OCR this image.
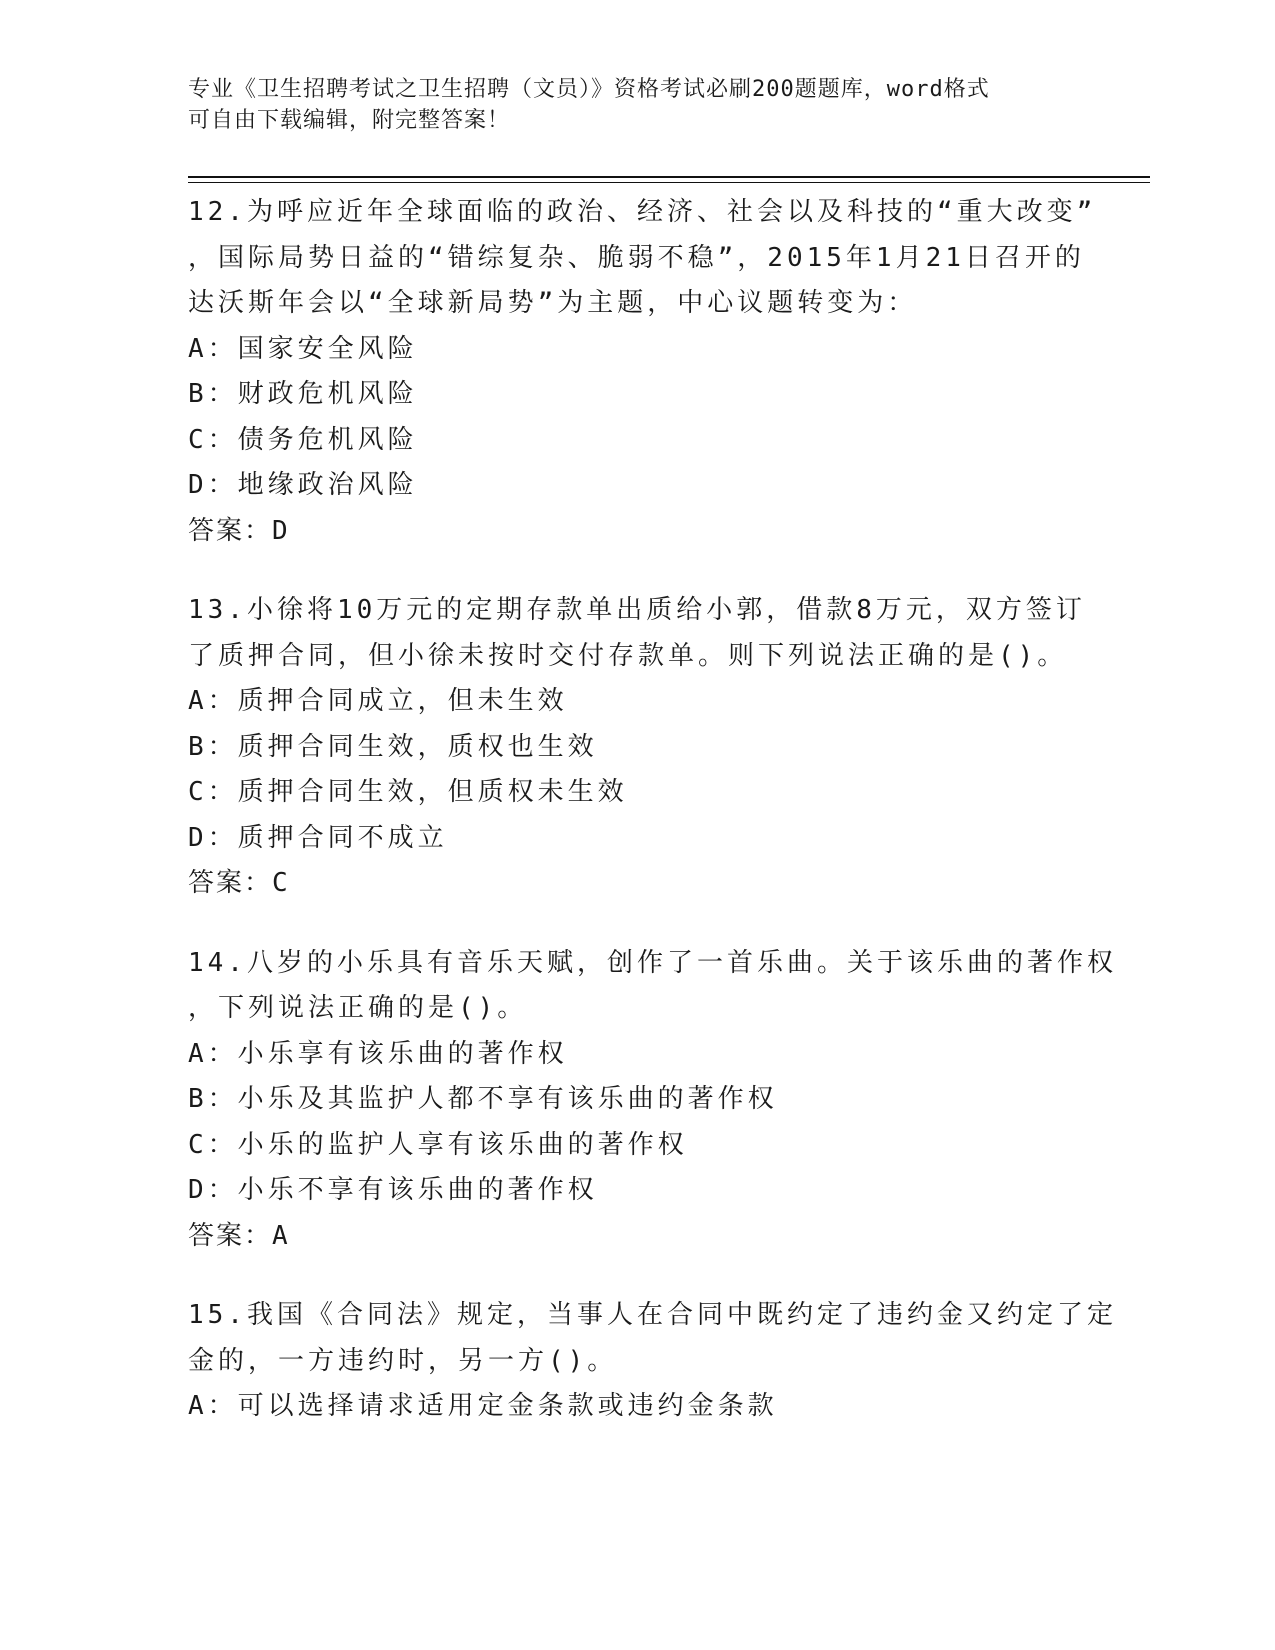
专业《卫生招聘考试之卫生招聘（文员）》资格考试必刷200题题库，word格式
可自由下载编辑，附完整答案！
12.为呼应近年全球面临的政治、经济、社会以及科技的“重大改变”
，国际局势日益的“错综复杂、脆弱不稳”，2015年1月21日召开的
达沃斯年会以“全球新局势”为主题，中心议题转变为：
A：国家安全风险
B：财政危机风险
C：债务危机风险
D：地缘政治风险
答案：D
13.小徐将10万元的定期存款单出质给小郭，借款8万元，双方签订
了质押合同，但小徐未按时交付存款单。则下列说法正确的是()。
A：质押合同成立，但未生效
B：质押合同生效，质权也生效
C：质押合同生效，但质权未生效
D：质押合同不成立
答案：C
14.八岁的小乐具有音乐天赋，创作了一首乐曲。关于该乐曲的著作权
，下列说法正确的是()。
A：小乐享有该乐曲的著作权
B：小乐及其监护人都不享有该乐曲的著作权
C：小乐的监护人享有该乐曲的著作权
D：小乐不享有该乐曲的著作权
答案：A
15.我国《合同法》规定，当事人在合同中既约定了违约金又约定了定
金的，一方违约时，另一方()。
A：可以选择请求适用定金条款或违约金条款
